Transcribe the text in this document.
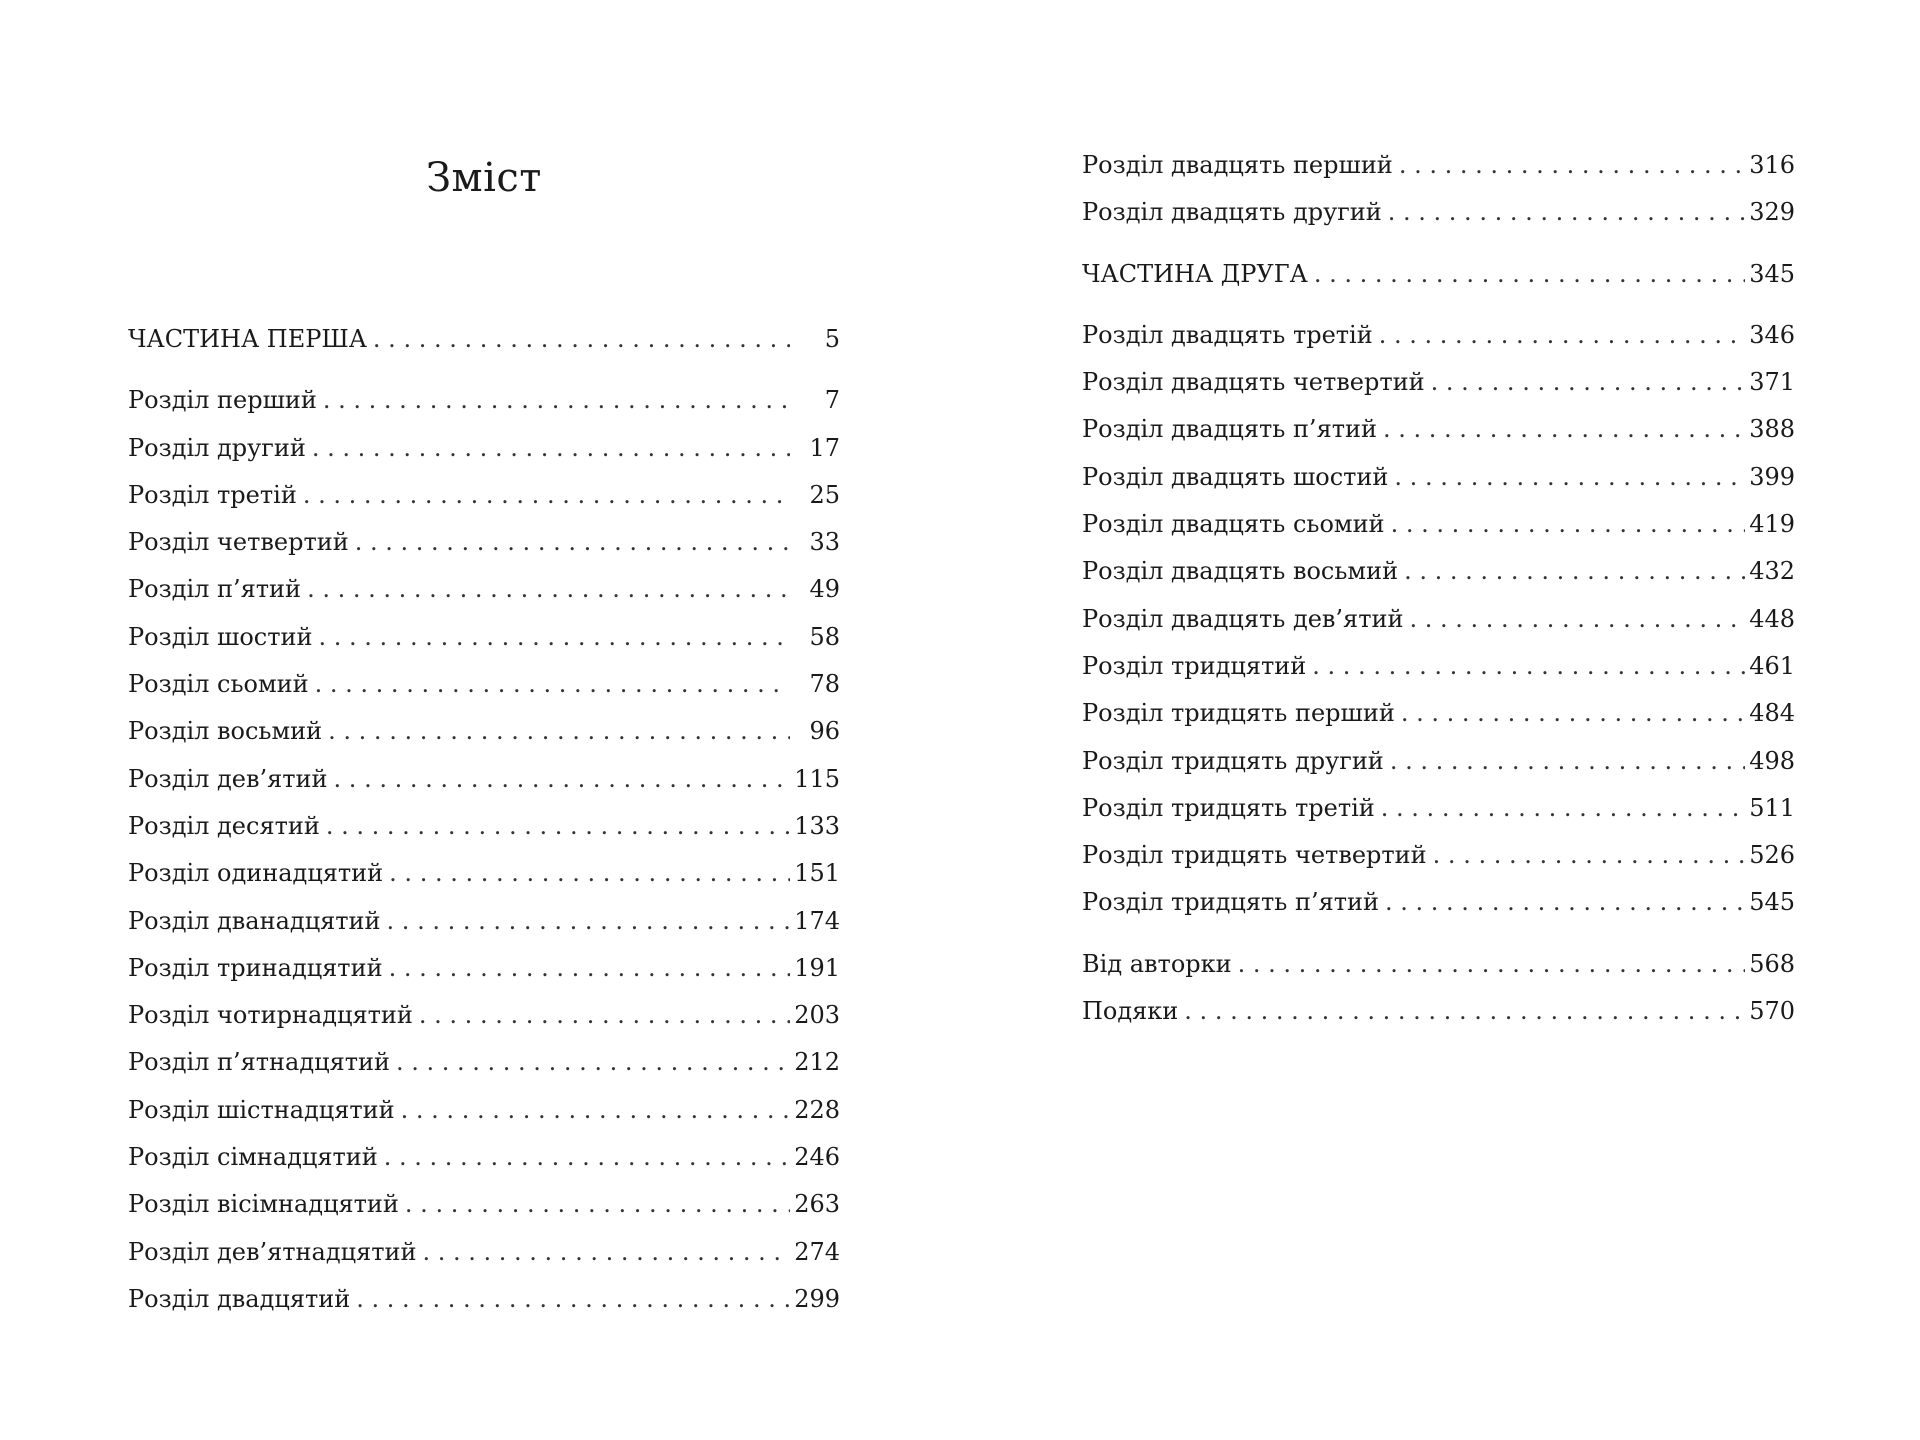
Зміст
ЧАСТИНА ПЕРША . . .	5
Розділ перший . . .	7
Розділ другий . . .	17
Розділ третій . . .	25
Розділ четвертий . . .	33
Розділ п’ятий . . .	49
Розділ шостий . . .	58
Розділ сьомий . . .	78
Розділ восьмий . . .	96
Розділ дев’ятий . . .	115
Розділ десятий . . .	133
Розділ одинадцятий . . .	151
Розділ дванадцятий . . .	174
Розділ тринадцятий . . .	191
Розділ чотирнадцятий . . .	203
Розділ п’ятнадцятий . . .	212
Розділ шістнадцятий . . .	228
Розділ сімнадцятий . . .	246
Розділ вісімнадцятий . . .	263
Розділ дев’ятнадцятий . . .	274
Розділ двадцятий . . .	299
Розділ двадцять перший . . .	316
Розділ двадцять другий . . .	329
ЧАСТИНА ДРУГА . . .	345
Розділ двадцять третій . . .	346
Розділ двадцять четвертий . . .	371
Розділ двадцять п’ятий . . .	388
Розділ двадцять шостий . . .	399
Розділ двадцять сьомий . . .	419
Розділ двадцять восьмий . . .	432
Розділ двадцять дев’ятий . . .	448
Розділ тридцятий . . .	461
Розділ тридцять перший . . .	484
Розділ тридцять другий . . .	498
Розділ тридцять третій . . .	511
Розділ тридцять четвертий . . .	526
Розділ тридцять п’ятий . . .	545
Від авторки . . .	568
Подяки . . .	570
